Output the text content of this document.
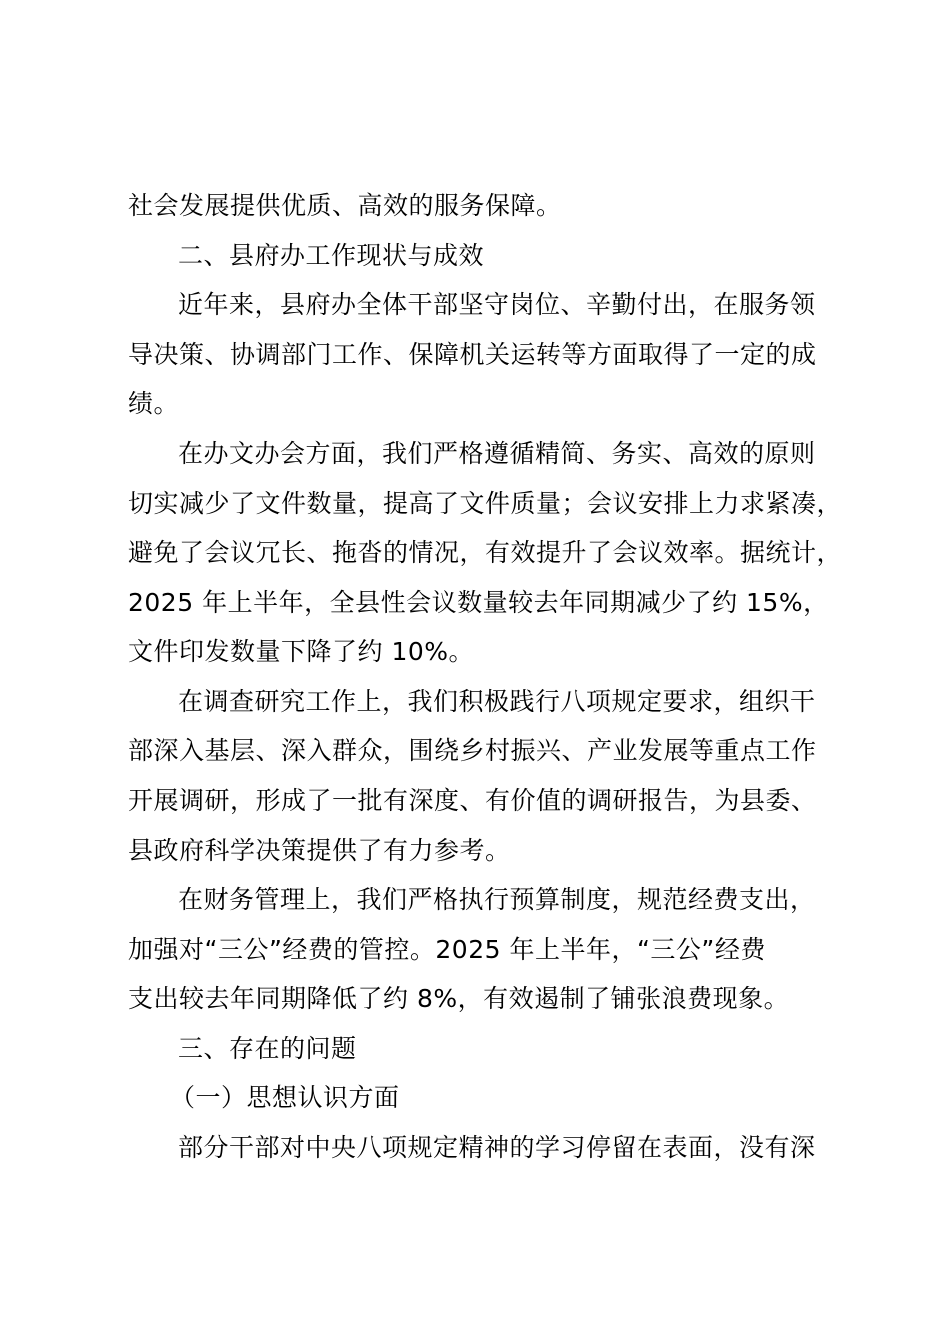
社会发展提供优质、高效的服务保障。
二、县府办工作现状与成效
近年来，县府办全体干部坚守岗位、辛勤付出，在服务领
导决策、协调部门工作、保障机关运转等方面取得了一定的成
绩。
在办文办会方面，我们严格遵循精简、务实、高效的原则
切实减少了文件数量，提高了文件质量；会议安排上力求紧凑，
避免了会议冗长、拖沓的情况，有效提升了会议效率。据统计，
2025 年上半年，全县性会议数量较去年同期减少了约 15%，
文件印发数量下降了约 10%。
在调查研究工作上，我们积极践行八项规定要求，组织干
部深入基层、深入群众，围绕乡村振兴、产业发展等重点工作
开展调研，形成了一批有深度、有价值的调研报告，为县委、
县政府科学决策提供了有力参考。
在财务管理上，我们严格执行预算制度，规范经费支出，
加强对“三公”经费的管控。2025 年上半年，“三公”经费
支出较去年同期降低了约 8%，有效遏制了铺张浪费现象。
三、存在的问题
（一）思想认识方面
部分干部对中央八项规定精神的学习停留在表面，没有深
